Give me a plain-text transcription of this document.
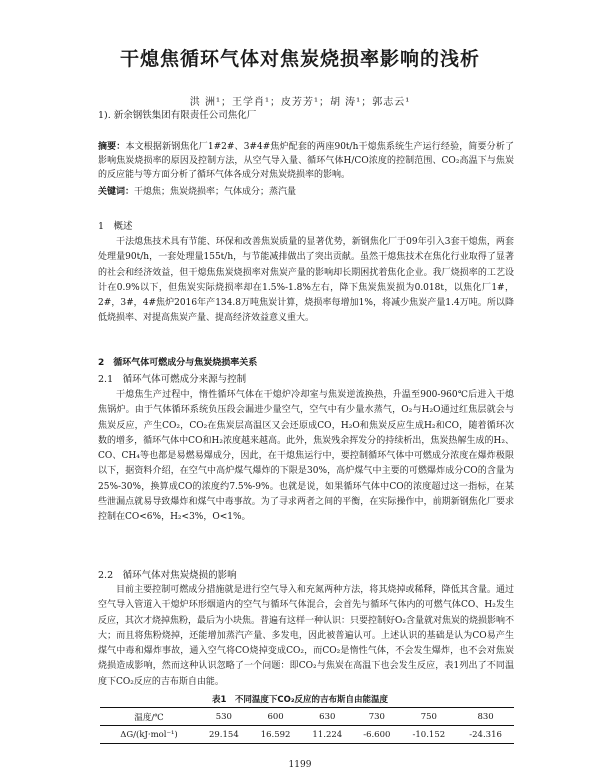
干熄焦循环气体对焦炭烧损率影响的浅析
洪 洲¹；王学肖¹；皮芳芳¹；胡 涛¹；郭志云¹
1). 新余钢铁集团有限责任公司焦化厂
摘要：本文根据新钢焦化厂1#2#、3#4#焦炉配套的两座90t/h干熄焦系统生产运行经验，简要分析了影响焦炭烧损率的原因及控制方法，从空气导入量、循环气体H/CO浓度的控制范围、CO₂高温下与焦炭的反应能与等方面分析了循环气体各成分对焦炭烧损率的影响。
关键词：干熄焦；焦炭烧损率；气体成分；蒸汽量
1　概述
干法熄焦技术具有节能、环保和改善焦炭质量的显著优势，新钢焦化厂于09年引入3套干熄焦，两套处理量90t/h，一套处理量155t/h，与节能减排做出了突出贡献。虽然干熄焦技术在焦化行业取得了显著的社会和经济效益，但干熄焦焦炭烧损率对焦炭产量的影响却长期困扰着焦化企业。我厂烧损率的工艺设计在0.9%以下，但焦炭实际烧损率却在1.5%-1.8%左右，降下焦炭焦炭损为0.018t，以焦化厂1#，2#，3#，4#焦炉2016年产134.8万吨焦炭计算，烧损率每增加1%，将减少焦炭产量1.4万吨。所以降低烧损率、对提高焦炭产量、提高经济效益意义重大。
2　循环气体可燃成分与焦炭烧损率关系
2.1　循环气体可燃成分来源与控制
干熄焦生产过程中，惰性循环气体在干熄炉冷却室与焦炭逆流换热，升温至900-960℃后进入干熄焦锅炉。由于气体循环系统负压段会漏进少量空气，空气中有少量水蒸气，O₂与H₂O通过红焦层就会与焦炭反应，产生CO₂，CO₂在焦炭层高温区又会还原成CO，H₂O和焦炭反应生成H₂和CO，随着循环次数的增多，循环气体中CO和H₂浓度越来越高。此外，焦炭残余挥发分的持续析出，焦炭热解生成的H₂、CO、CH₄等也都是易燃易爆成分，因此，在干熄焦运行中，要控制循环气体中可燃成分浓度在爆炸极限以下，据资料介绍，在空气中高炉煤气爆炸的下限是30%，高炉煤气中主要的可燃爆炸成分CO的含量为25%-30%，换算成CO的浓度约7.5%-9%。也就是说，如果循环气体中CO的浓度超过这一指标，在某些泄漏点就易导致爆炸和煤气中毒事故。为了寻求两者之间的平衡，在实际操作中，前期新钢焦化厂要求控制在CO<6%，H₂<3%，O<1%。
2.2　循环气体对焦炭烧损的影响
目前主要控制可燃成分措施就是进行空气导入和充氮两种方法，将其烧掉或稀释，降低其含量。通过空气导入管道入干熄炉环形烟道内的空气与循环气体混合，会首先与循环气体内的可燃气体CO、H₂发生反应，其次才烧掉焦粉，最后为小块焦。普遍有这样一种认识：只要控制好O₂含量就对焦炭的烧损影响不大；而且将焦粉烧掉，还能增加蒸汽产量、多发电，因此被普遍认可。上述认识的基础是认为CO易产生煤气中毒和爆炸事故，通入空气将CO烧掉变成CO₂，而CO₂是惰性气体，不会发生爆炸，也不会对焦炭烧损造成影响，然而这种认识忽略了一个问题：即CO₂与焦炭在高温下也会发生反应，表1列出了不同温度下CO₂反应的吉布斯自由能。
表1　不同温度下CO₂反应的吉布斯自由能温度
温度/℃	530	600	630	730	750	830
ΔG/(kJ·mol⁻¹)	29.154	16.592	11.224	-6.600	-10.152	-24.316
1199
